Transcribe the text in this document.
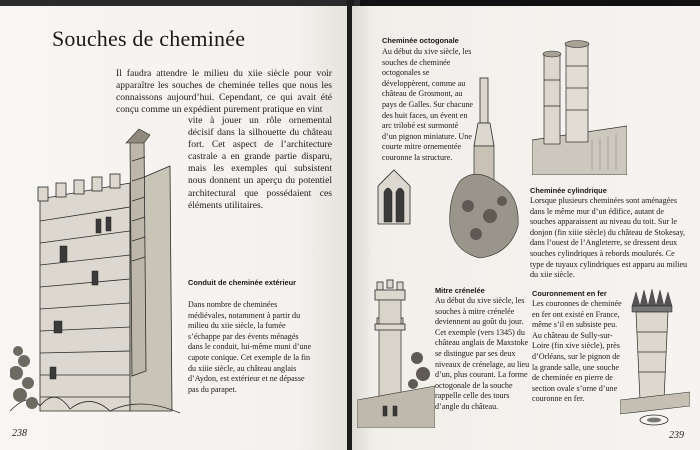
Souches de cheminée

Il faudra attendre le milieu du xiie siècle pour voir apparaître les souches de cheminée telles que nous les connaissons aujourd’hui. Cependant, ce qui avait été conçu comme un expédient purement pratique en vint

vite à jouer un rôle ornemental décisif dans la silhouette du château fort. Cet aspect de l’architecture castrale a en grande partie disparu, mais les exemples qui subsistent nous donnent un aperçu du potentiel architectural que possédaient ces éléments utilitaires.

Conduit de cheminée extérieur

Dans nombre de cheminées médiévales, notamment à partir du milieu du xiie siècle, la fumée s’échappe par des évents ménagés dans le conduit, lui-même muni d’une capote conique. Cet exemple de la fin du xiiie siècle, au château anglais d’Aydon, est extérieur et ne dépasse pas du parapet.

238
Cheminée octogonale

Au début du xive siècle, les souches de cheminée octogonales se développèrent, comme au château de Grosmont, au pays de Galles. Sur chacune des huit faces, un évent en arc trilobé est surmonté d’un pignon miniature. Une courte mitre ornementée couronne la structure.

Cheminée cylindrique

Lorsque plusieurs cheminées sont aménagées dans le même mur d’un édifice, autant de souches apparaissent au niveau du toit. Sur le donjon (fin xiiie siècle) du château de Stokesay, dans l’ouest de l’Angleterre, se dressent deux souches cylindriques à rebords moulurés. Ce type de tuyaux cylindriques est apparu au milieu du xiie siècle.

Mitre crénelée

Au début du xive siècle, les souches à mitre crénelée deviennent au goût du jour. Cet exemple (vers 1345) du château anglais de Maxstoke se distingue par ses deux niveaux de crénelage, au lieu d’un, plus courant. La forme octogonale de la souche rappelle celle des tours d’angle du château.

Couronnement en fer

Les couronnes de cheminée en fer ont existé en France, même s’il en subsiste peu. Au château de Sully-sur-Loire (fin xive siècle), près d’Orléans, sur le pignon de la grande salle, une souche de cheminée en pierre de section ovale s’orne d’une couronne en fer.

239
